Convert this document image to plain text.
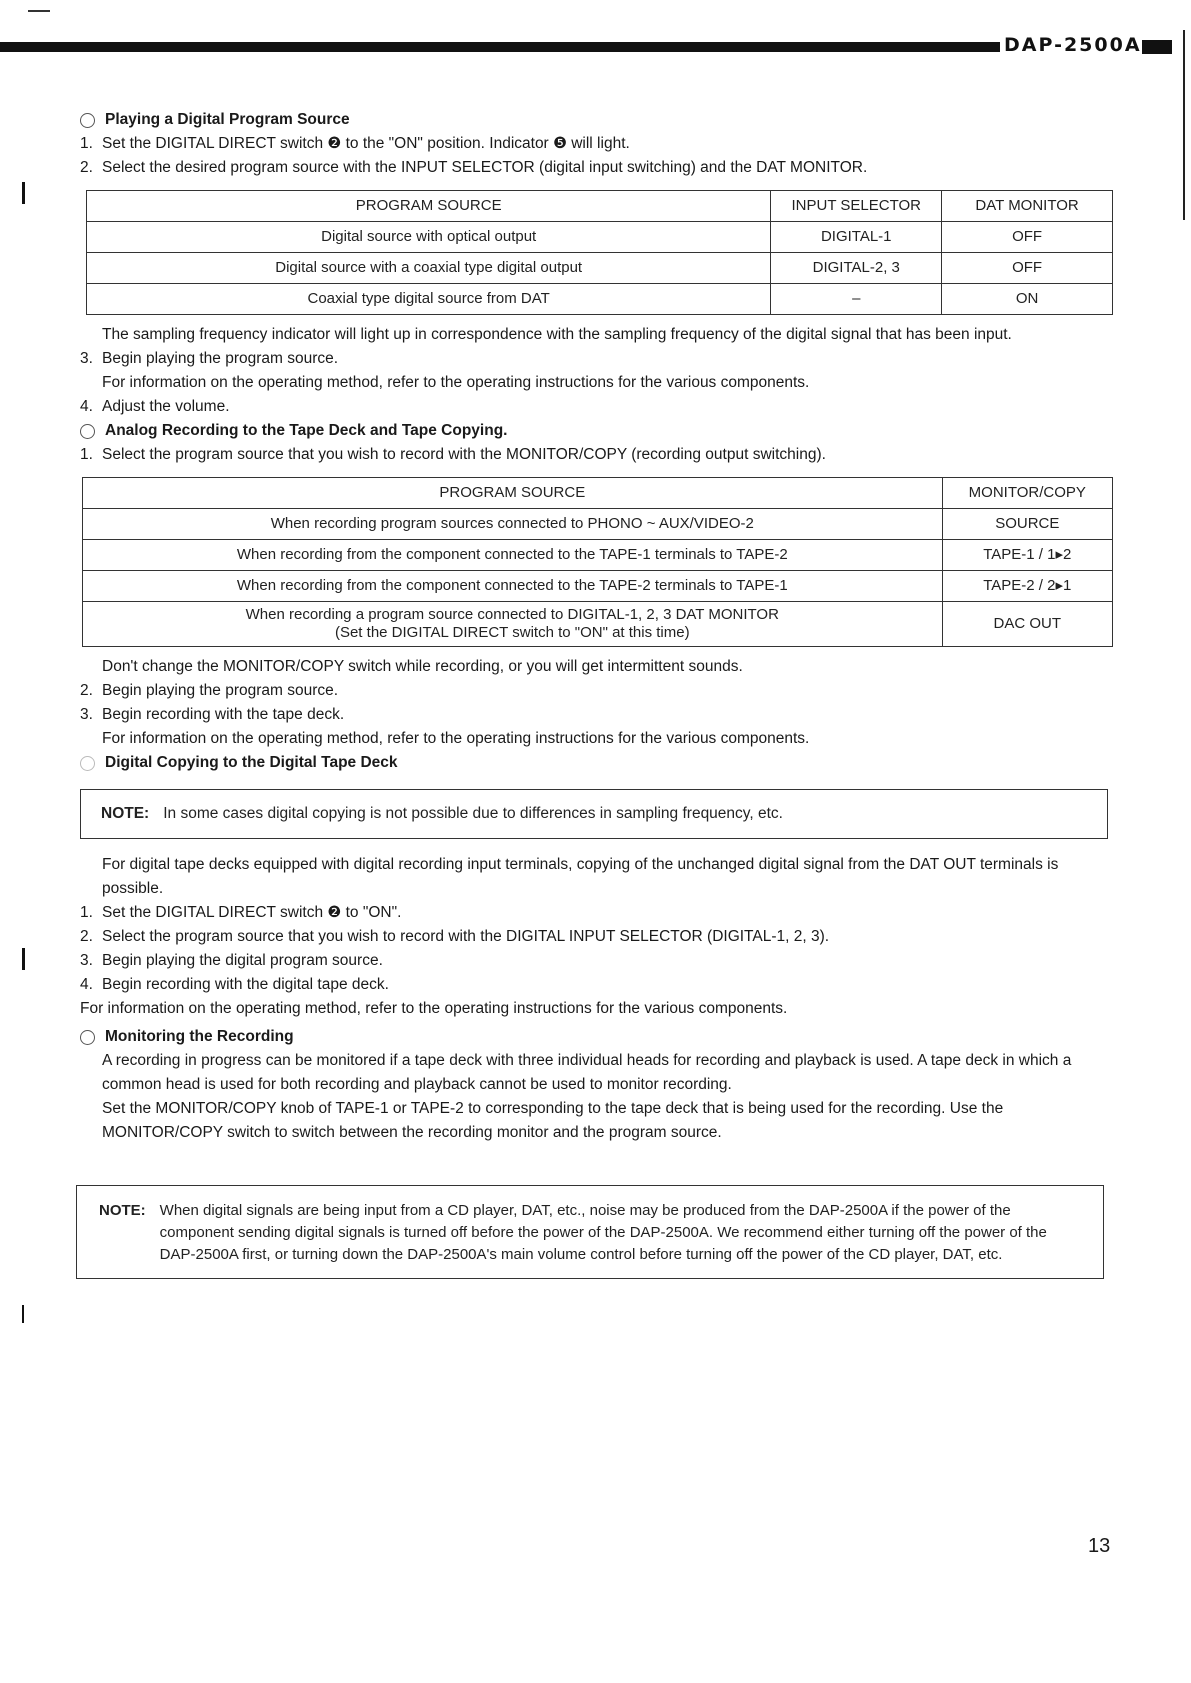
DAP-2500A

Playing a Digital Program Source

1. Set the DIGITAL DIRECT switch ❷ to the "ON" position. Indicator ❺ will light.

2. Select the desired program source with the INPUT SELECTOR (digital input switching) and the DAT MONITOR.

PROGRAM SOURCE	INPUT SELECTOR	DAT MONITOR
Digital source with optical output	DIGITAL-1	OFF
Digital source with a coaxial type digital output	DIGITAL-2, 3	OFF
Coaxial type digital source from DAT	–	ON

The sampling frequency indicator will light up in correspondence with the sampling frequency of the digital signal that has been input.

3. Begin playing the program source.

For information on the operating method, refer to the operating instructions for the various components.

4. Adjust the volume.

Analog Recording to the Tape Deck and Tape Copying.

1. Select the program source that you wish to record with the MONITOR/COPY (recording output switching).

PROGRAM SOURCE	MONITOR/COPY
When recording program sources connected to PHONO ~ AUX/VIDEO-2	SOURCE
When recording from the component connected to the TAPE-1 terminals to TAPE-2	TAPE-1 / 1▸2
When recording from the component connected to the TAPE-2 terminals to TAPE-1	TAPE-2 / 2▸1

When recording a program source connected to DIGITAL-1, 2, 3 DAT MONITOR
(Set the DIGITAL DIRECT switch to "ON" at this time)	DAC OUT

Don't change the MONITOR/COPY switch while recording, or you will get intermittent sounds.

2. Begin playing the program source.

3. Begin recording with the tape deck.

For information on the operating method, refer to the operating instructions for the various components.

Digital Copying to the Digital Tape Deck

NOTE: In some cases digital copying is not possible due to differences in sampling frequency, etc.

For digital tape decks equipped with digital recording input terminals, copying of the unchanged digital signal from the DAT OUT terminals is possible.

1. Set the DIGITAL DIRECT switch ❷ to "ON".

2. Select the program source that you wish to record with the DIGITAL INPUT SELECTOR (DIGITAL-1, 2, 3).

3. Begin playing the digital program source.

4. Begin recording with the digital tape deck.

For information on the operating method, refer to the operating instructions for the various components.

Monitoring the Recording

A recording in progress can be monitored if a tape deck with three individual heads for recording and playback is used. A tape deck in which a common head is used for both recording and playback cannot be used to monitor recording.

Set the MONITOR/COPY knob of TAPE-1 or TAPE-2 to corresponding to the tape deck that is being used for the recording. Use the MONITOR/COPY switch to switch between the recording monitor and the program source.

NOTE: When digital signals are being input from a CD player, DAT, etc., noise may be produced from the DAP-2500A if the power of the component sending digital signals is turned off before the power of the DAP-2500A. We recommend either turning off the power of the DAP-2500A first, or turning down the DAP-2500A's main volume control before turning off the power of the CD player, DAT, etc.
13
